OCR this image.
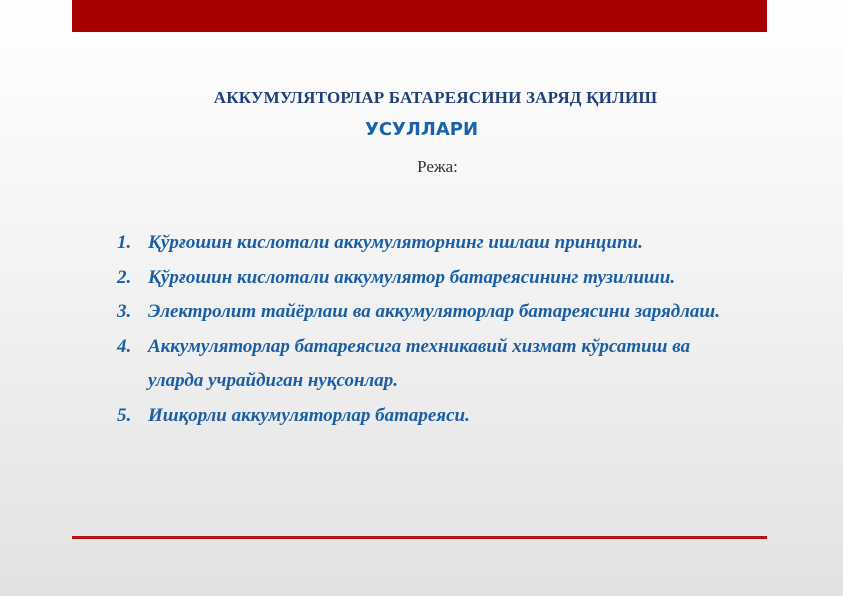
АККУМУЛЯТОРЛАР БАТАРЕЯСИНИ ЗАРЯД ҚИЛИШ
УСУЛЛАРИ
Режа:
1. Қўрғошин кислотали аккумуляторнинг ишлаш принципи.
2. Қўрғошин кислотали аккумулятор батареясининг тузилиши.
3. Электролит тайёрлаш ва аккумуляторлар батареясини зарядлаш.
4. Аккумуляторлар батареясига техникавий хизмат кўрсатиш ва
уларда учрайдиган нуқсонлар.
5. Ишқорли аккумуляторлар батареяси.
